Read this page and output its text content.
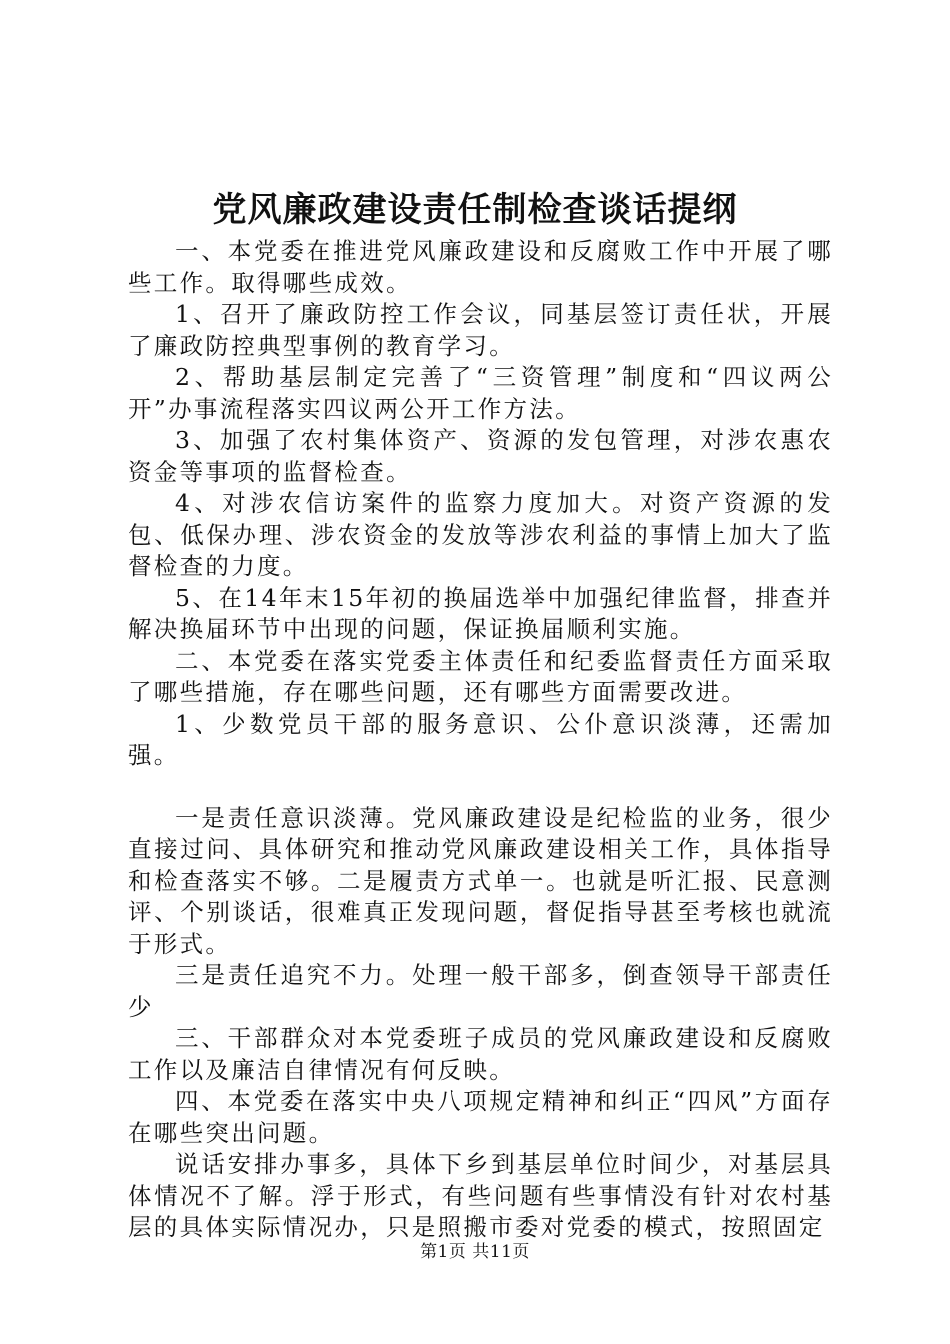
党风廉政建设责任制检查谈话提纲

一、本党委在推进党风廉政建设和反腐败工作中开展了哪些工作。取得哪些成效。

1、召开了廉政防控工作会议，同基层签订责任状，开展了廉政防控典型事例的教育学习。

2、帮助基层制定完善了“三资管理”制度和“四议两公开”办事流程落实四议两公开工作方法。

3、加强了农村集体资产、资源的发包管理，对涉农惠农资金等事项的监督检查。

4、对涉农信访案件的监察力度加大。对资产资源的发包、低保办理、涉农资金的发放等涉农利益的事情上加大了监督检查的力度。

5、在14年末15年初的换届选举中加强纪律监督，排查并解决换届环节中出现的问题，保证换届顺利实施。

二、本党委在落实党委主体责任和纪委监督责任方面采取了哪些措施，存在哪些问题，还有哪些方面需要改进。

1、少数党员干部的服务意识、公仆意识淡薄，还需加强。

一是责任意识淡薄。党风廉政建设是纪检监的业务，很少直接过问、具体研究和推动党风廉政建设相关工作，具体指导和检查落实不够。二是履责方式单一。也就是听汇报、民意测评、个别谈话，很难真正发现问题，督促指导甚至考核也就流于形式。

三是责任追究不力。处理一般干部多，倒查领导干部责任少

三、干部群众对本党委班子成员的党风廉政建设和反腐败工作以及廉洁自律情况有何反映。

四、本党委在落实中央八项规定精神和纠正“四风”方面存在哪些突出问题。

说话安排办事多，具体下乡到基层单位时间少，对基层具体情况不了解。浮于形式，有些问题有些事情没有针对农村基层的具体实际情况办，只是照搬市委对党委的模式，按照固定

第1页 共11页
